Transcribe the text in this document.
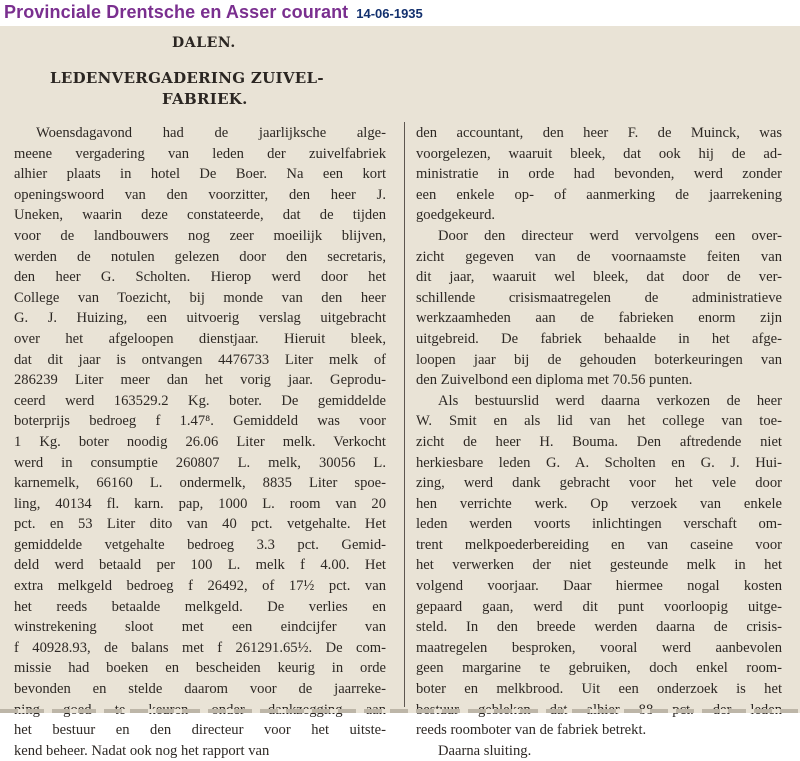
Provinciale Drentsche en Asser courant 14-06-1935
DALEN.
LEDENVERGADERING ZUIVEL-
FABRIEK.
Woensdagavond had de jaarlijksche alge-
meene vergadering van leden der zuivelfabriek
alhier plaats in hotel De Boer. Na een kort
openingswoord van den voorzitter, den heer J.
Uneken, waarin deze constateerde, dat de tijden
voor de landbouwers nog zeer moeilijk blijven,
werden de notulen gelezen door den secretaris,
den heer G. Scholten. Hierop werd door het
College van Toezicht, bij monde van den heer
G. J. Huizing, een uitvoerig verslag uitgebracht
over het afgeloopen dienstjaar. Hieruit bleek,
dat dit jaar is ontvangen 4476733 Liter melk of
286239 Liter meer dan het vorig jaar. Geprodu-
ceerd werd 163529.2 Kg. boter. De gemiddelde
boterprijs bedroeg f 1.47⁸. Gemiddeld was voor
1 Kg. boter noodig 26.06 Liter melk. Verkocht
werd in consumptie 260807 L. melk, 30056 L.
karnemelk, 66160 L. ondermelk, 8835 Liter spoe-
ling, 40134 fl. karn. pap, 1000 L. room van 20
pct. en 53 Liter dito van 40 pct. vetgehalte. Het
gemiddelde vetgehalte bedroeg 3.3 pct. Gemid-
deld werd betaald per 100 L. melk f 4.00. Het
extra melkgeld bedroeg f 26492, of 17½ pct. van
het reeds betaalde melkgeld. De verlies en
winstrekening sloot met een eindcijfer van
f 40928.93, de balans met f 261291.65½. De com-
missie had boeken en bescheiden keurig in orde
bevonden en stelde daarom voor de jaarreke-
het bestuur en den directeur voor het uitste-
kend beheer. Nadat ook nog het rapport van
den accountant, den heer F. de Muinck, was
voorgelezen, waaruit bleek, dat ook hij de ad-
ministratie in orde had bevonden, werd zonder
een enkele op- of aanmerking de jaarrekening
goedgekeurd.
Door den directeur werd vervolgens een over-
zicht gegeven van de voornaamste feiten van
dit jaar, waaruit wel bleek, dat door de ver-
schillende crisismaatregelen de administratieve
werkzaamheden aan de fabrieken enorm zijn
uitgebreid. De fabriek behaalde in het afge-
loopen jaar bij de gehouden boterkeuringen van
den Zuivelbond een diploma met 70.56 punten.
Als bestuurslid werd daarna verkozen de heer
W. Smit en als lid van het college van toe-
zicht de heer H. Bouma. Den aftredende niet
herkiesbare leden G. A. Scholten en G. J. Hui-
zing, werd dank gebracht voor het vele door
hen verrichte werk. Op verzoek van enkele
leden werden voorts inlichtingen verschaft om-
trent melkpoederbereiding en van caseine voor
het verwerken der niet gesteunde melk in het
volgend voorjaar. Daar hiermee nogal kosten
gepaard gaan, werd dit punt voorloopig uitge-
steld. In den breede werden daarna de crisis-
maatregelen besproken, vooral werd aanbevolen
geen margarine te gebruiken, doch enkel room-
boter en melkbrood. Uit een onderzoek is het
reeds roomboter van de fabriek betrekt.
Daarna sluiting.
